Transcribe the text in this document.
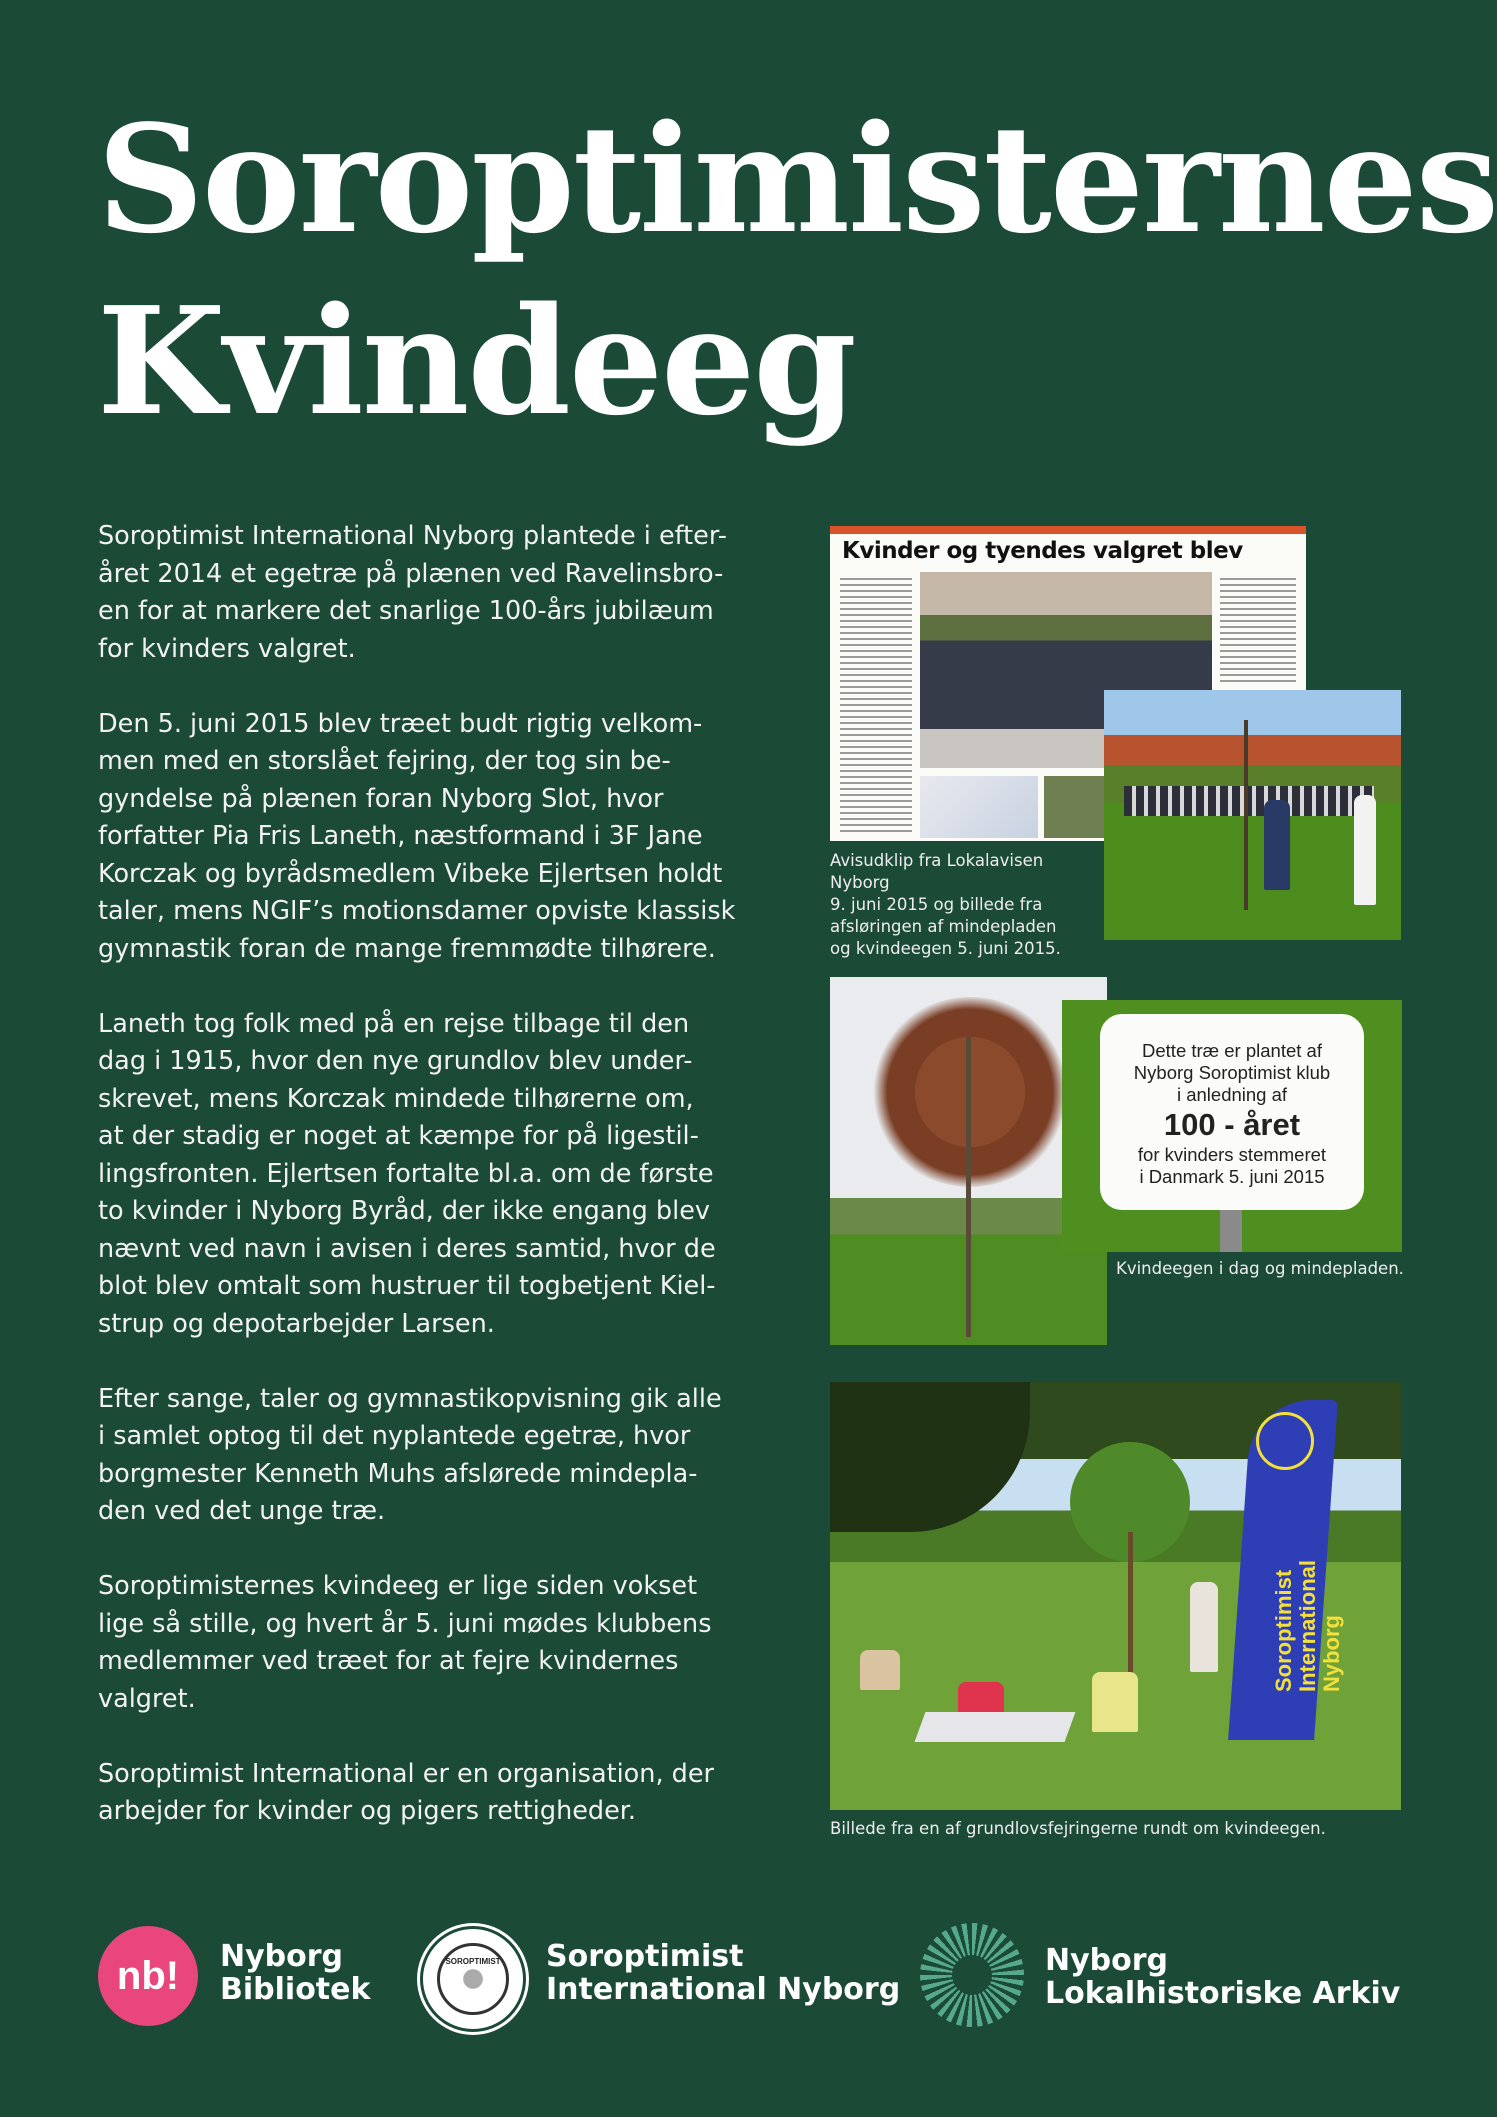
Soroptimisternes
Kvindeeg

Soroptimist International Nyborg plantede i efter-
året 2014 et egetræ på plænen ved Ravelinsbro-
en for at markere det snarlige 100-års jubilæum
for kvinders valgret.

Den 5. juni 2015 blev træet budt rigtig velkom-
men med en storslået fejring, der tog sin be-
gyndelse på plænen foran Nyborg Slot, hvor
forfatter Pia Fris Laneth, næstformand i 3F Jane
Korczak og byrådsmedlem Vibeke Ejlertsen holdt
taler, mens NGIF’s motionsdamer opviste klassisk
gymnastik foran de mange fremmødte tilhørere.

Laneth tog folk med på en rejse tilbage til den
dag i 1915, hvor den nye grundlov blev under-
skrevet, mens Korczak mindede tilhørerne om,
at der stadig er noget at kæmpe for på ligestil-
lingsfronten. Ejlertsen fortalte bl.a. om de første
to kvinder i Nyborg Byråd, der ikke engang blev
nævnt ved navn i avisen i deres samtid, hvor de
blot blev omtalt som hustruer til togbetjent Kiel-
strup og depotarbejder Larsen.

Efter sange, taler og gymnastikopvisning gik alle
i samlet optog til det nyplantede egetræ, hvor
borgmester Kenneth Muhs afslørede mindepla-
den ved det unge træ.

Soroptimisternes kvindeeg er lige siden vokset
lige så stille, og hvert år 5. juni mødes klubbens
medlemmer ved træet for at fejre kvindernes
valgret.

Soroptimist International er en organisation, der
arbejder for kvinder og pigers rettigheder.

Kvinder og tyendes valgret blev
Avisudklip fra Lokalavisen Nyborg
9. juni 2015 og billede fra
afsløringen af mindepladen
og kvindeegen 5. juni 2015.
Dette træ er plantet af
Nyborg Soroptimist klub
i anledning af
100 - året
for kvinders stemmeret
i Danmark 5. juni 2015
Kvindeegen i dag og mindepladen.
Soroptimist
International
Nyborg
Billede fra en af grundlovsfejringerne rundt om kvindeegen.
nb!	Nyborg
Bibliotek
SOROPTIMIST	Soroptimist
International Nyborg
Nyborg
Lokalhistoriske Arkiv
